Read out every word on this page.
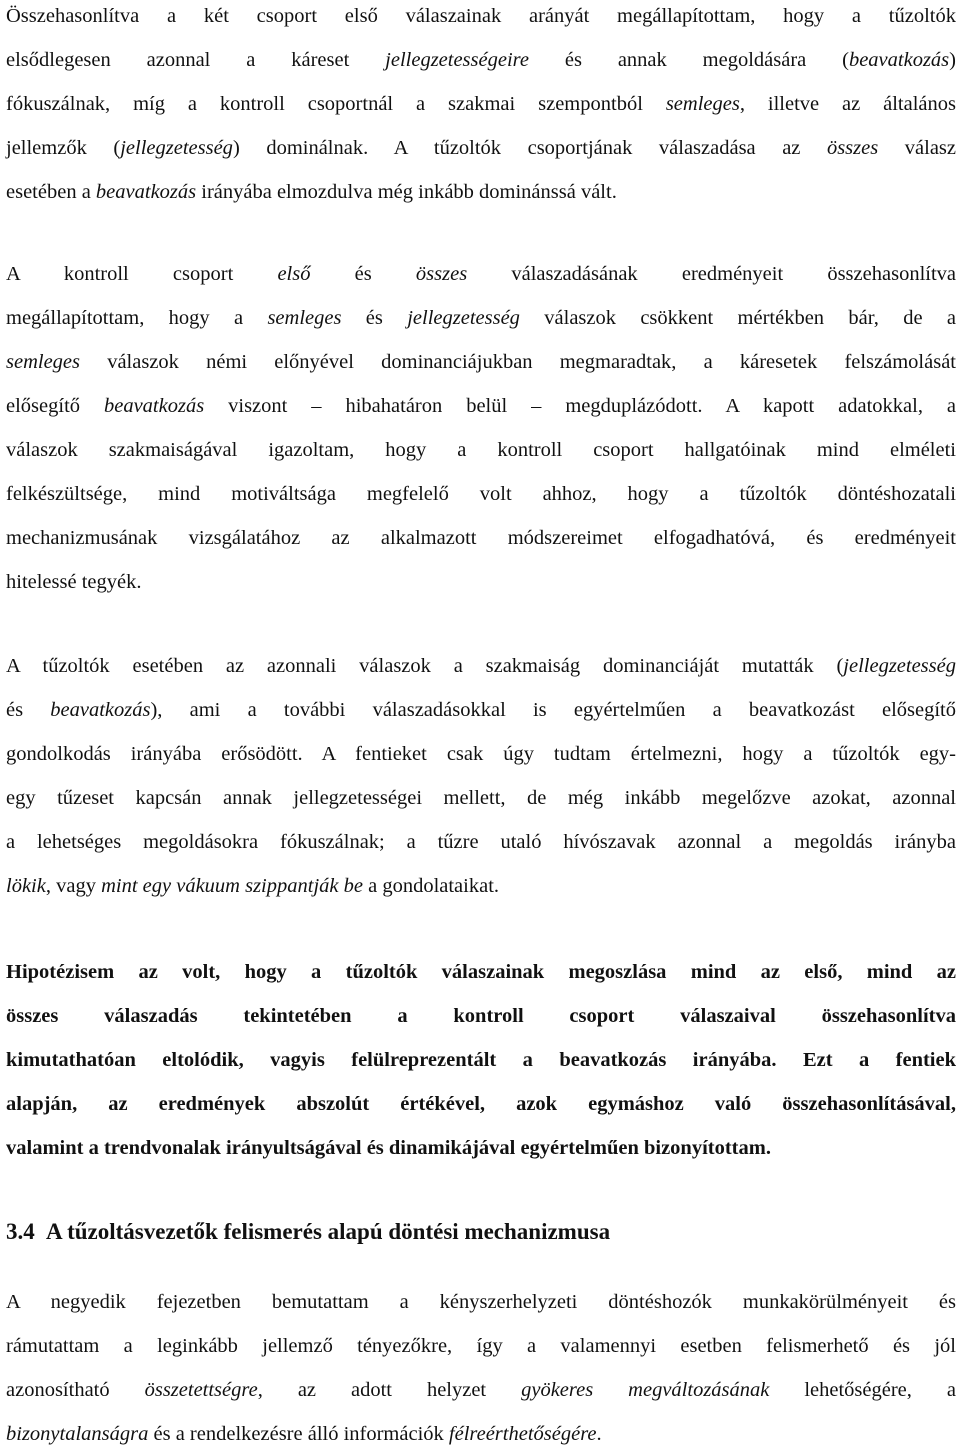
Összehasonlítva a két csoport első válaszainak arányát megállapítottam, hogy a tűzoltók
elsődlegesen azonnal a káreset jellegzetességeire és annak megoldására (beavatkozás)
fókuszálnak, míg a kontroll csoportnál a szakmai szempontból semleges, illetve az általános
jellemzők (jellegzetesség) dominálnak. A tűzoltók csoportjának válaszadása az összes válasz
esetében a beavatkozás irányába elmozdulva még inkább dominánssá vált.
A kontroll csoport első és összes válaszadásának eredményeit összehasonlítva
megállapítottam, hogy a semleges és jellegzetesség válaszok csökkent mértékben bár, de a
semleges válaszok némi előnyével dominanciájukban megmaradtak, a káresetek felszámolását
elősegítő beavatkozás viszont – hibahatáron belül – megduplázódott. A kapott adatokkal, a
válaszok szakmaiságával igazoltam, hogy a kontroll csoport hallgatóinak mind elméleti
felkészültsége, mind motiváltsága megfelelő volt ahhoz, hogy a tűzoltók döntéshozatali
mechanizmusának vizsgálatához az alkalmazott módszereimet elfogadhatóvá, és eredményeit
hitelessé tegyék.
A tűzoltók esetében az azonnali válaszok a szakmaiság dominanciáját mutatták (jellegzetesség
és beavatkozás), ami a további válaszadásokkal is egyértelműen a beavatkozást elősegítő
gondolkodás irányába erősödött. A fentieket csak úgy tudtam értelmezni, hogy a tűzoltók egy-
egy tűzeset kapcsán annak jellegzetességei mellett, de még inkább megelőzve azokat, azonnal
a lehetséges megoldásokra fókuszálnak; a tűzre utaló hívószavak azonnal a megoldás irányba
lökik, vagy mint egy vákuum szippantják be a gondolataikat.
Hipotézisem az volt, hogy a tűzoltók válaszainak megoszlása mind az első, mind az
összes válaszadás tekintetében a kontroll csoport válaszaival összehasonlítva
kimutathatóan eltolódik, vagyis felülreprezentált a beavatkozás irányába. Ezt a fentiek
alapján, az eredmények abszolút értékével, azok egymáshoz való összehasonlításával,
valamint a trendvonalak irányultságával és dinamikájával egyértelműen bizonyítottam.
3.4 A tűzoltásvezetők felismerés alapú döntési mechanizmusa
A negyedik fejezetben bemutattam a kényszerhelyzeti döntéshozók munkakörülményeit és
rámutattam a leginkább jellemző tényezőkre, így a valamennyi esetben felismerhető és jól
azonosítható összetettségre, az adott helyzet gyökeres megváltozásának lehetőségére, a
bizonytalanságra és a rendelkezésre álló információk félreérthetőségére.
